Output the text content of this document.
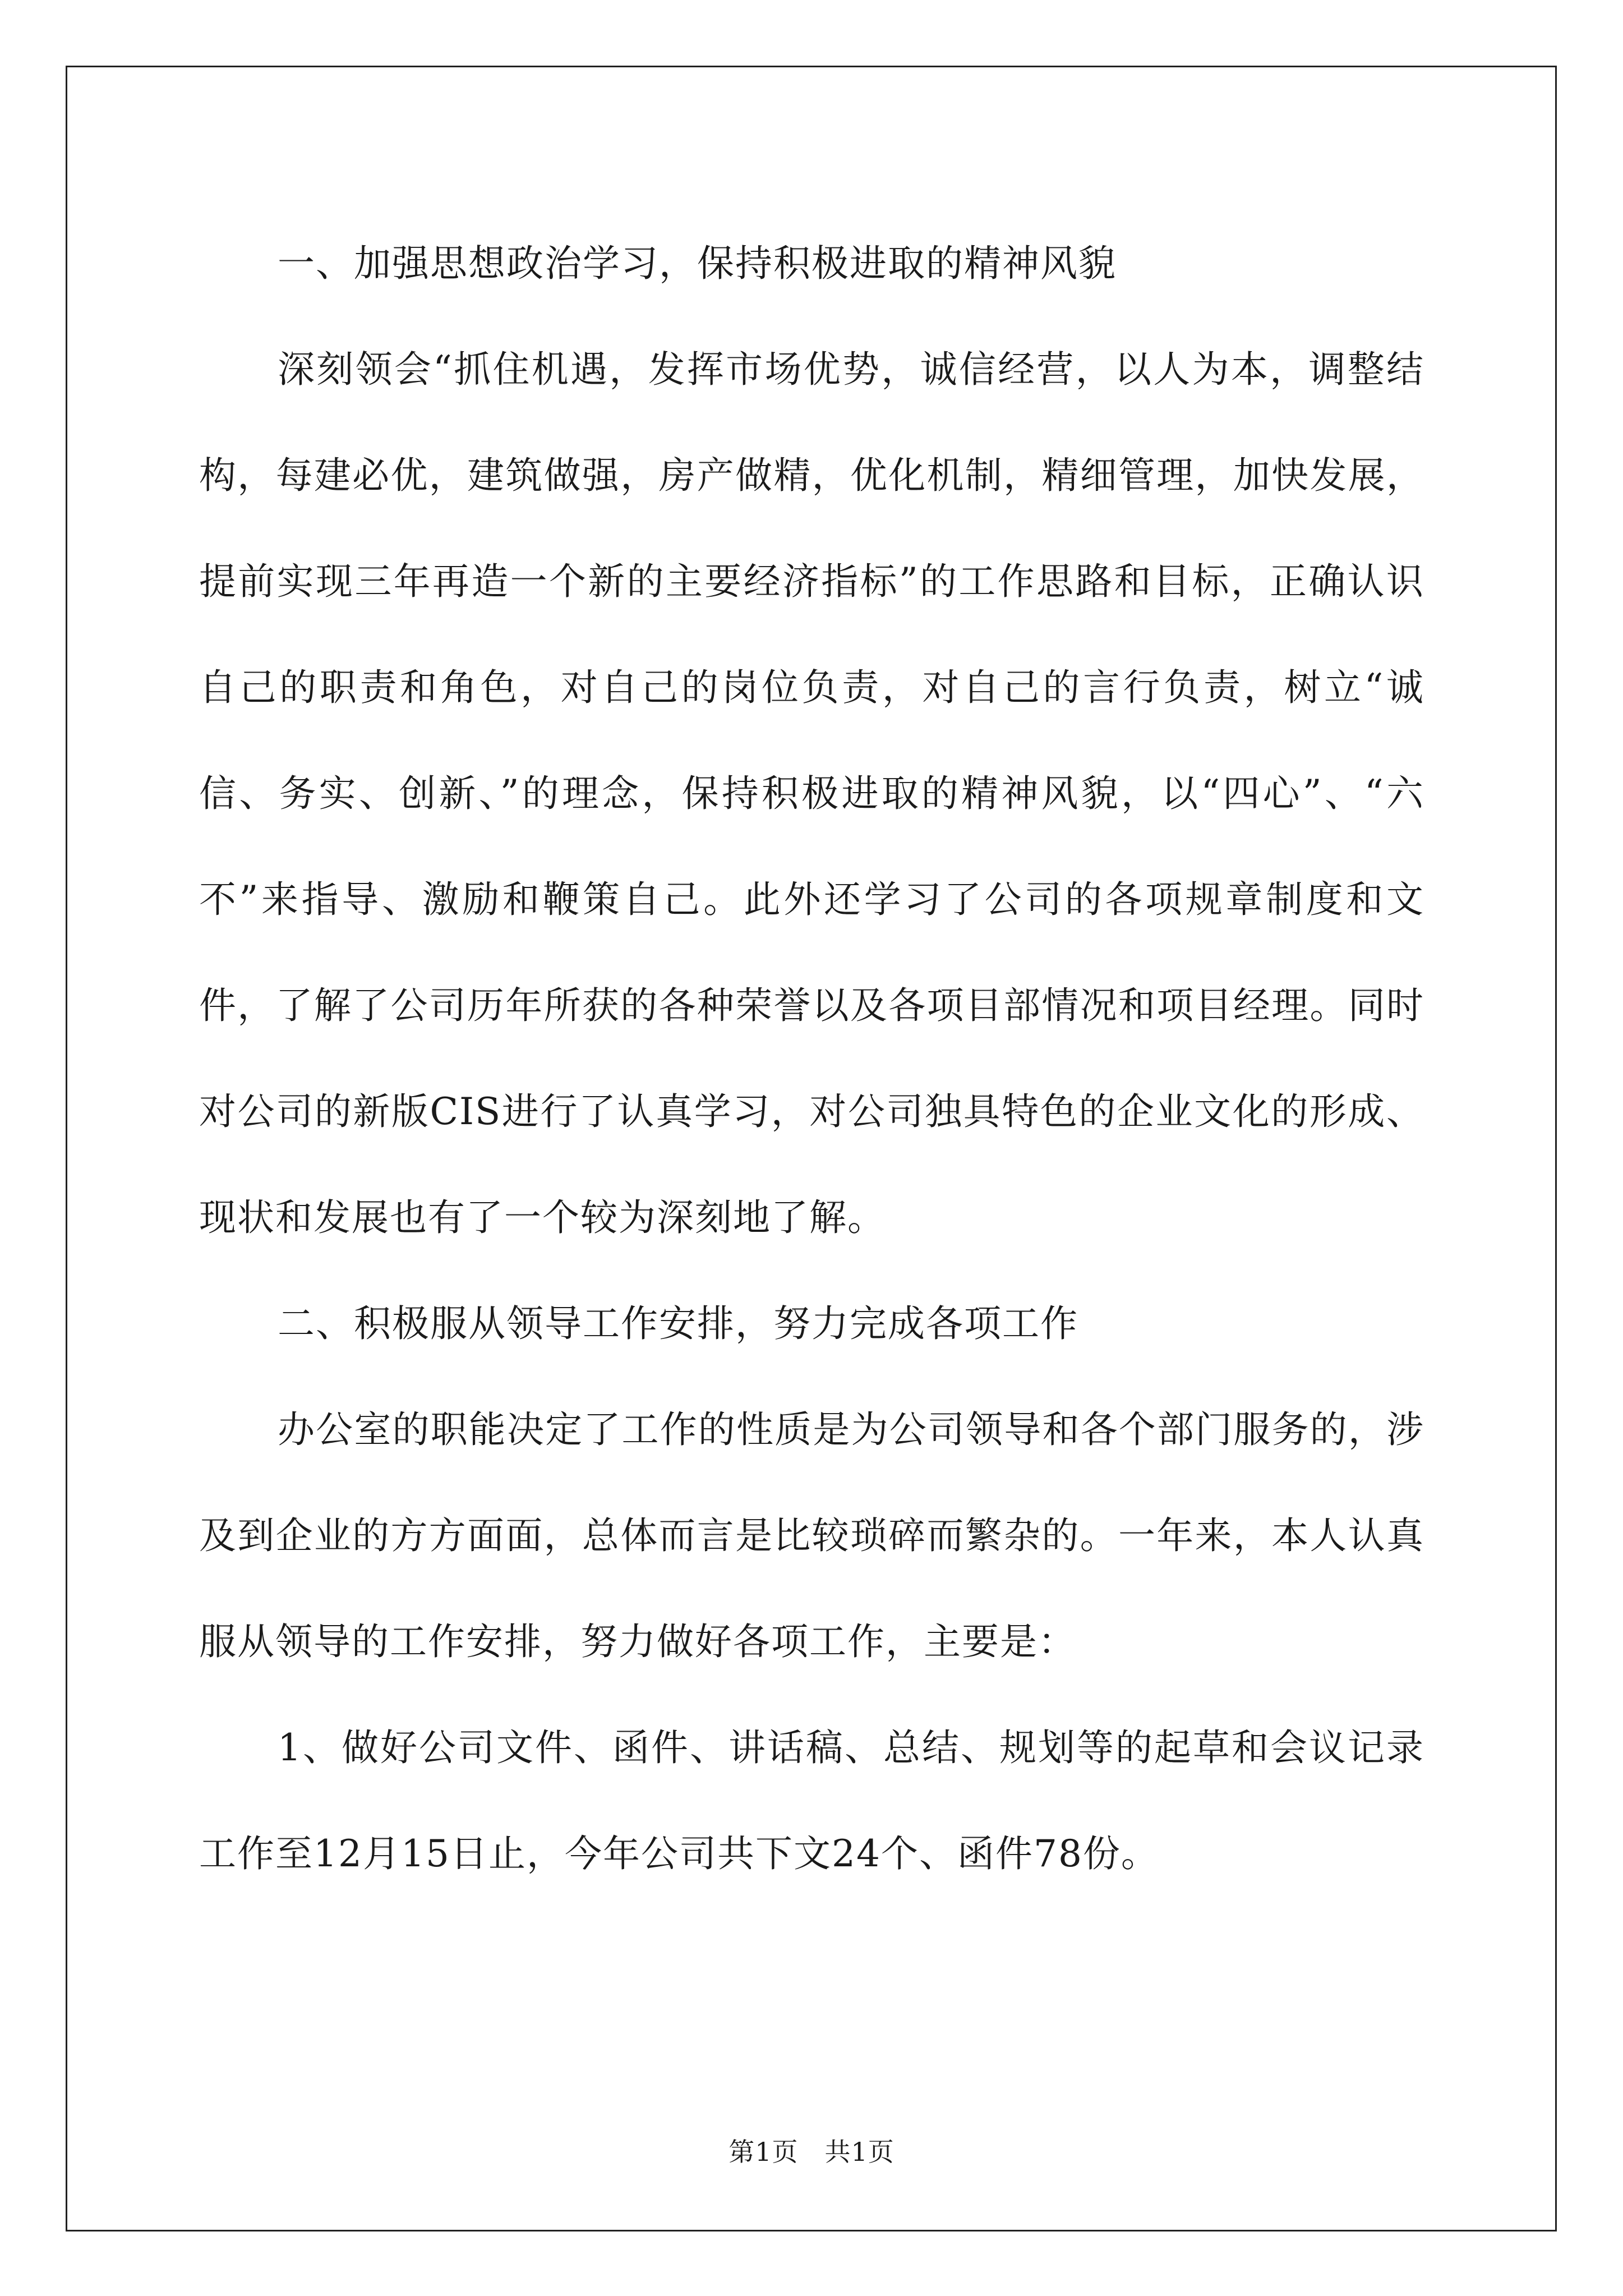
一、加强思想政治学习，保持积极进取的精神风貌

深刻领会“抓住机遇，发挥市场优势，诚信经营，以人为本，调整结构，每建必优，建筑做强，房产做精，优化机制，精细管理，加快发展，提前实现三年再造一个新的主要经济指标”的工作思路和目标，正确认识自己的职责和角色，对自己的岗位负责，对自己的言行负责，树立“诚信、务实、创新、”的理念，保持积极进取的精神风貌，以“四心”、“六不”来指导、激励和鞭策自己。此外还学习了公司的各项规章制度和文件，了解了公司历年所获的各种荣誉以及各项目部情况和项目经理。同时对公司的新版CIS进行了认真学习，对公司独具特色的企业文化的形成、现状和发展也有了一个较为深刻地了解。

二、积极服从领导工作安排，努力完成各项工作

办公室的职能决定了工作的性质是为公司领导和各个部门服务的，涉及到企业的方方面面，总体而言是比较琐碎而繁杂的。一年来，本人认真服从领导的工作安排，努力做好各项工作，主要是：

1、做好公司文件、函件、讲话稿、总结、规划等的起草和会议记录工作至12月15日止，今年公司共下文24个、函件78份。

第1页　共1页
